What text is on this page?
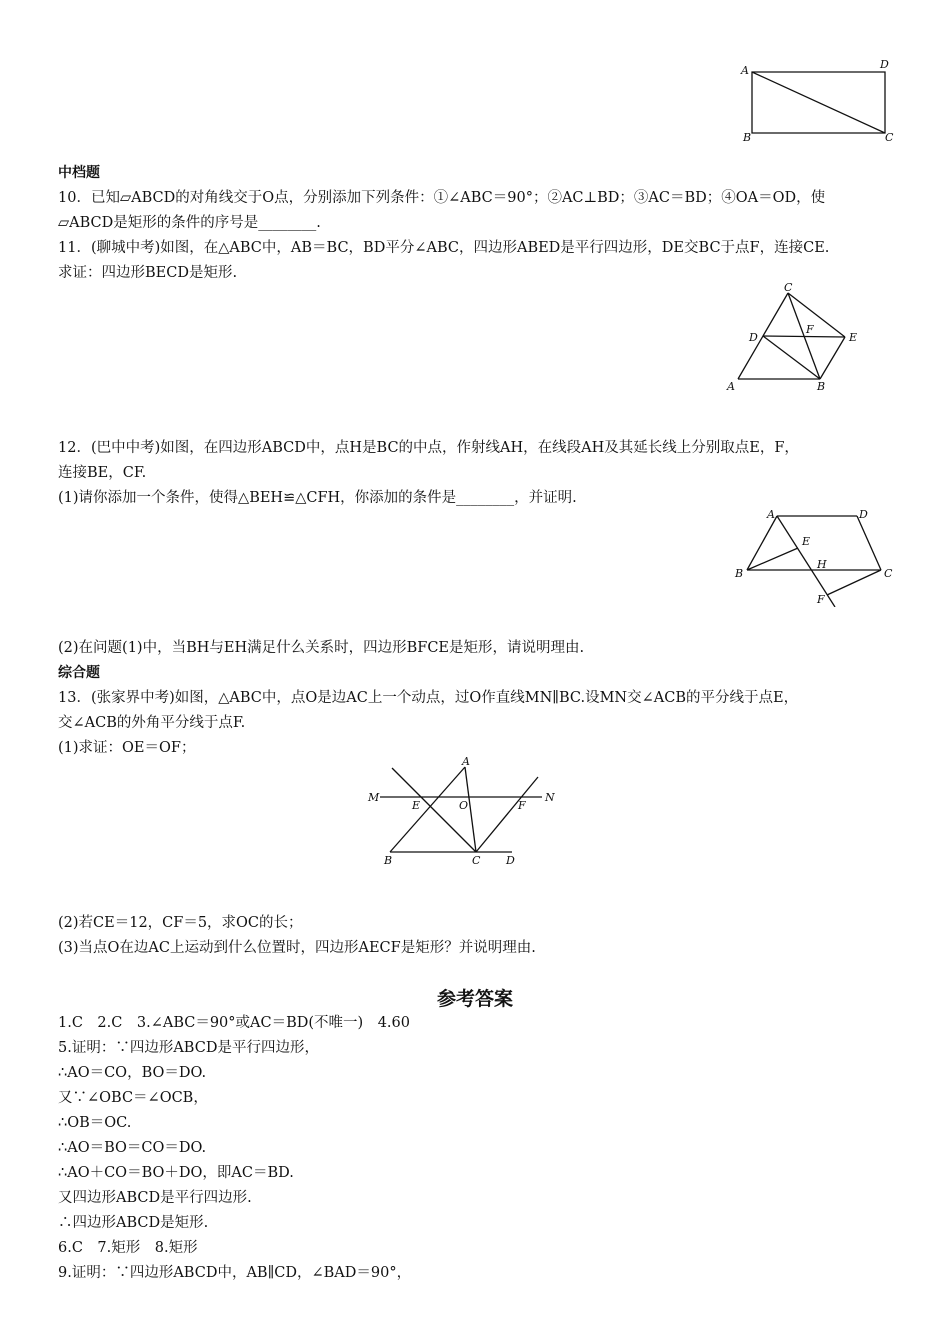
A	D
B	C
中档题
10．已知▱ABCD的对角线交于O点，分别添加下列条件：①∠ABC＝90°；②AC⊥BD；③AC＝BD；④OA＝OD，使
▱ABCD是矩形的条件的序号是________.
11．(聊城中考)如图，在△ABC中，AB＝BC，BD平分∠ABC，四边形ABED是平行四边形，DE交BC于点F，连接CE.
求证：四边形BECD是矩形.
C
D
F
E
A	B
12．(巴中中考)如图，在四边形ABCD中，点H是BC的中点，作射线AH，在线段AH及其延长线上分别取点E，F，
连接BE，CF.
(1)请你添加一个条件，使得△BEH≌△CFH，你添加的条件是________，并证明.
A	D
E
B
H
C
F
(2)在问题(1)中，当BH与EH满足什么关系时，四边形BFCE是矩形，请说明理由.
综合题
13．(张家界中考)如图，△ABC中，点O是边AC上一个动点，过O作直线MN∥BC.设MN交∠ACB的平分线于点E，
交∠ACB的外角平分线于点F.
(1)求证：OE＝OF；
M
A
E	O	F
N
B	C D
(2)若CE＝12，CF＝5，求OC的长；
(3)当点O在边AC上运动到什么位置时，四边形AECF是矩形？并说明理由.
参考答案
1.C　2.C　3.∠ABC＝90°或AC＝BD(不唯一)　4.60
5.证明：∵四边形ABCD是平行四边形，
∴AO＝CO，BO＝DO.
又∵∠OBC＝∠OCB，
∴OB＝OC.
∴AO＝BO＝CO＝DO.
∴AO＋CO＝BO＋DO，即AC＝BD.
又四边形ABCD是平行四边形.
∴四边形ABCD是矩形.
6.C　7.矩形　8.矩形
9.证明：∵四边形ABCD中，AB∥CD，∠BAD＝90°，
